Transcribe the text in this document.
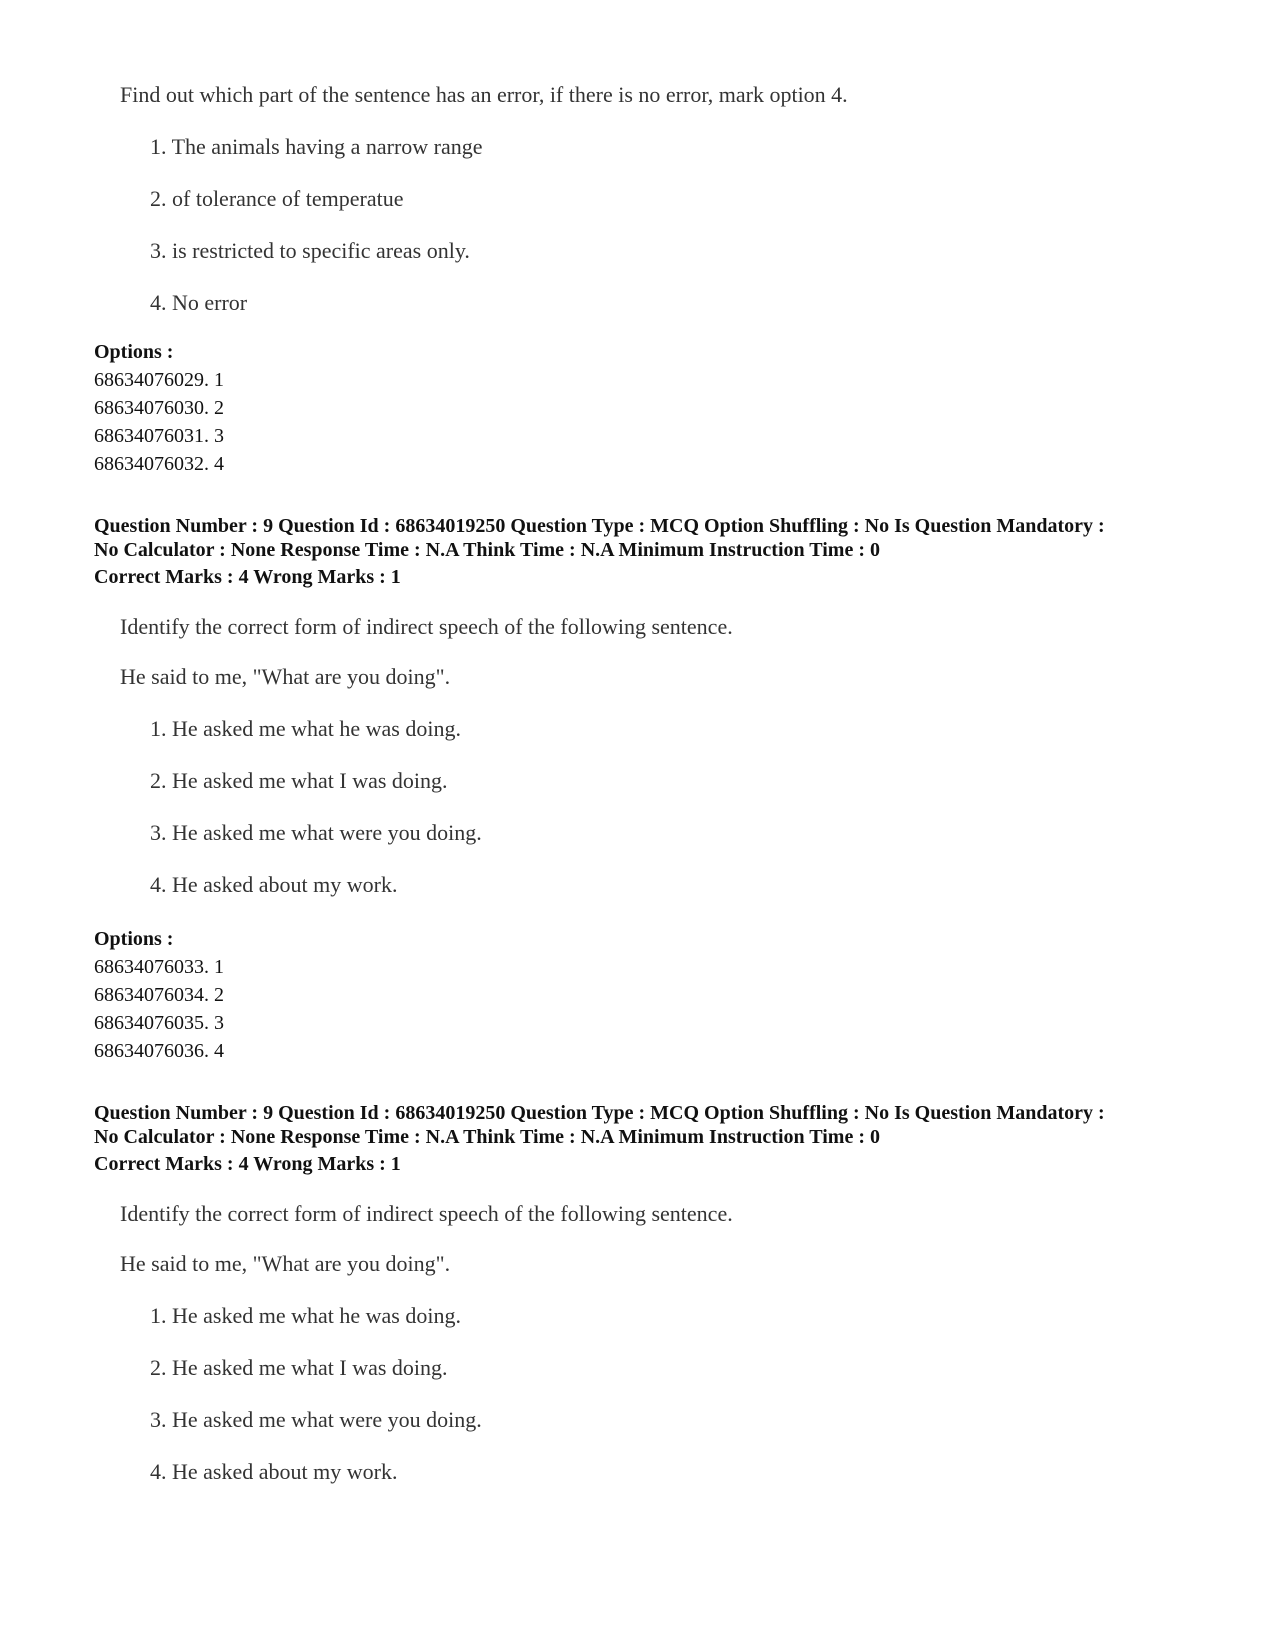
Find out which part of the sentence has an error, if there is no error, mark option 4.
1. The animals having a narrow range
2. of tolerance of temperatue
3. is restricted to specific areas only.
4. No error
Options :
68634076029. 1
68634076030. 2
68634076031. 3
68634076032. 4
Question Number : 9 Question Id : 68634019250 Question Type : MCQ Option Shuffling : No Is Question Mandatory :
No Calculator : None Response Time : N.A Think Time : N.A Minimum Instruction Time : 0
Correct Marks : 4 Wrong Marks : 1
Identify the correct form of indirect speech of the following sentence.
He said to me, "What are you doing".
1. He asked me what he was doing.
2. He asked me what I was doing.
3. He asked me what were you doing.
4. He asked about my work.
Options :
68634076033. 1
68634076034. 2
68634076035. 3
68634076036. 4
Question Number : 9 Question Id : 68634019250 Question Type : MCQ Option Shuffling : No Is Question Mandatory :
No Calculator : None Response Time : N.A Think Time : N.A Minimum Instruction Time : 0
Correct Marks : 4 Wrong Marks : 1
Identify the correct form of indirect speech of the following sentence.
He said to me, "What are you doing".
1. He asked me what he was doing.
2. He asked me what I was doing.
3. He asked me what were you doing.
4. He asked about my work.
